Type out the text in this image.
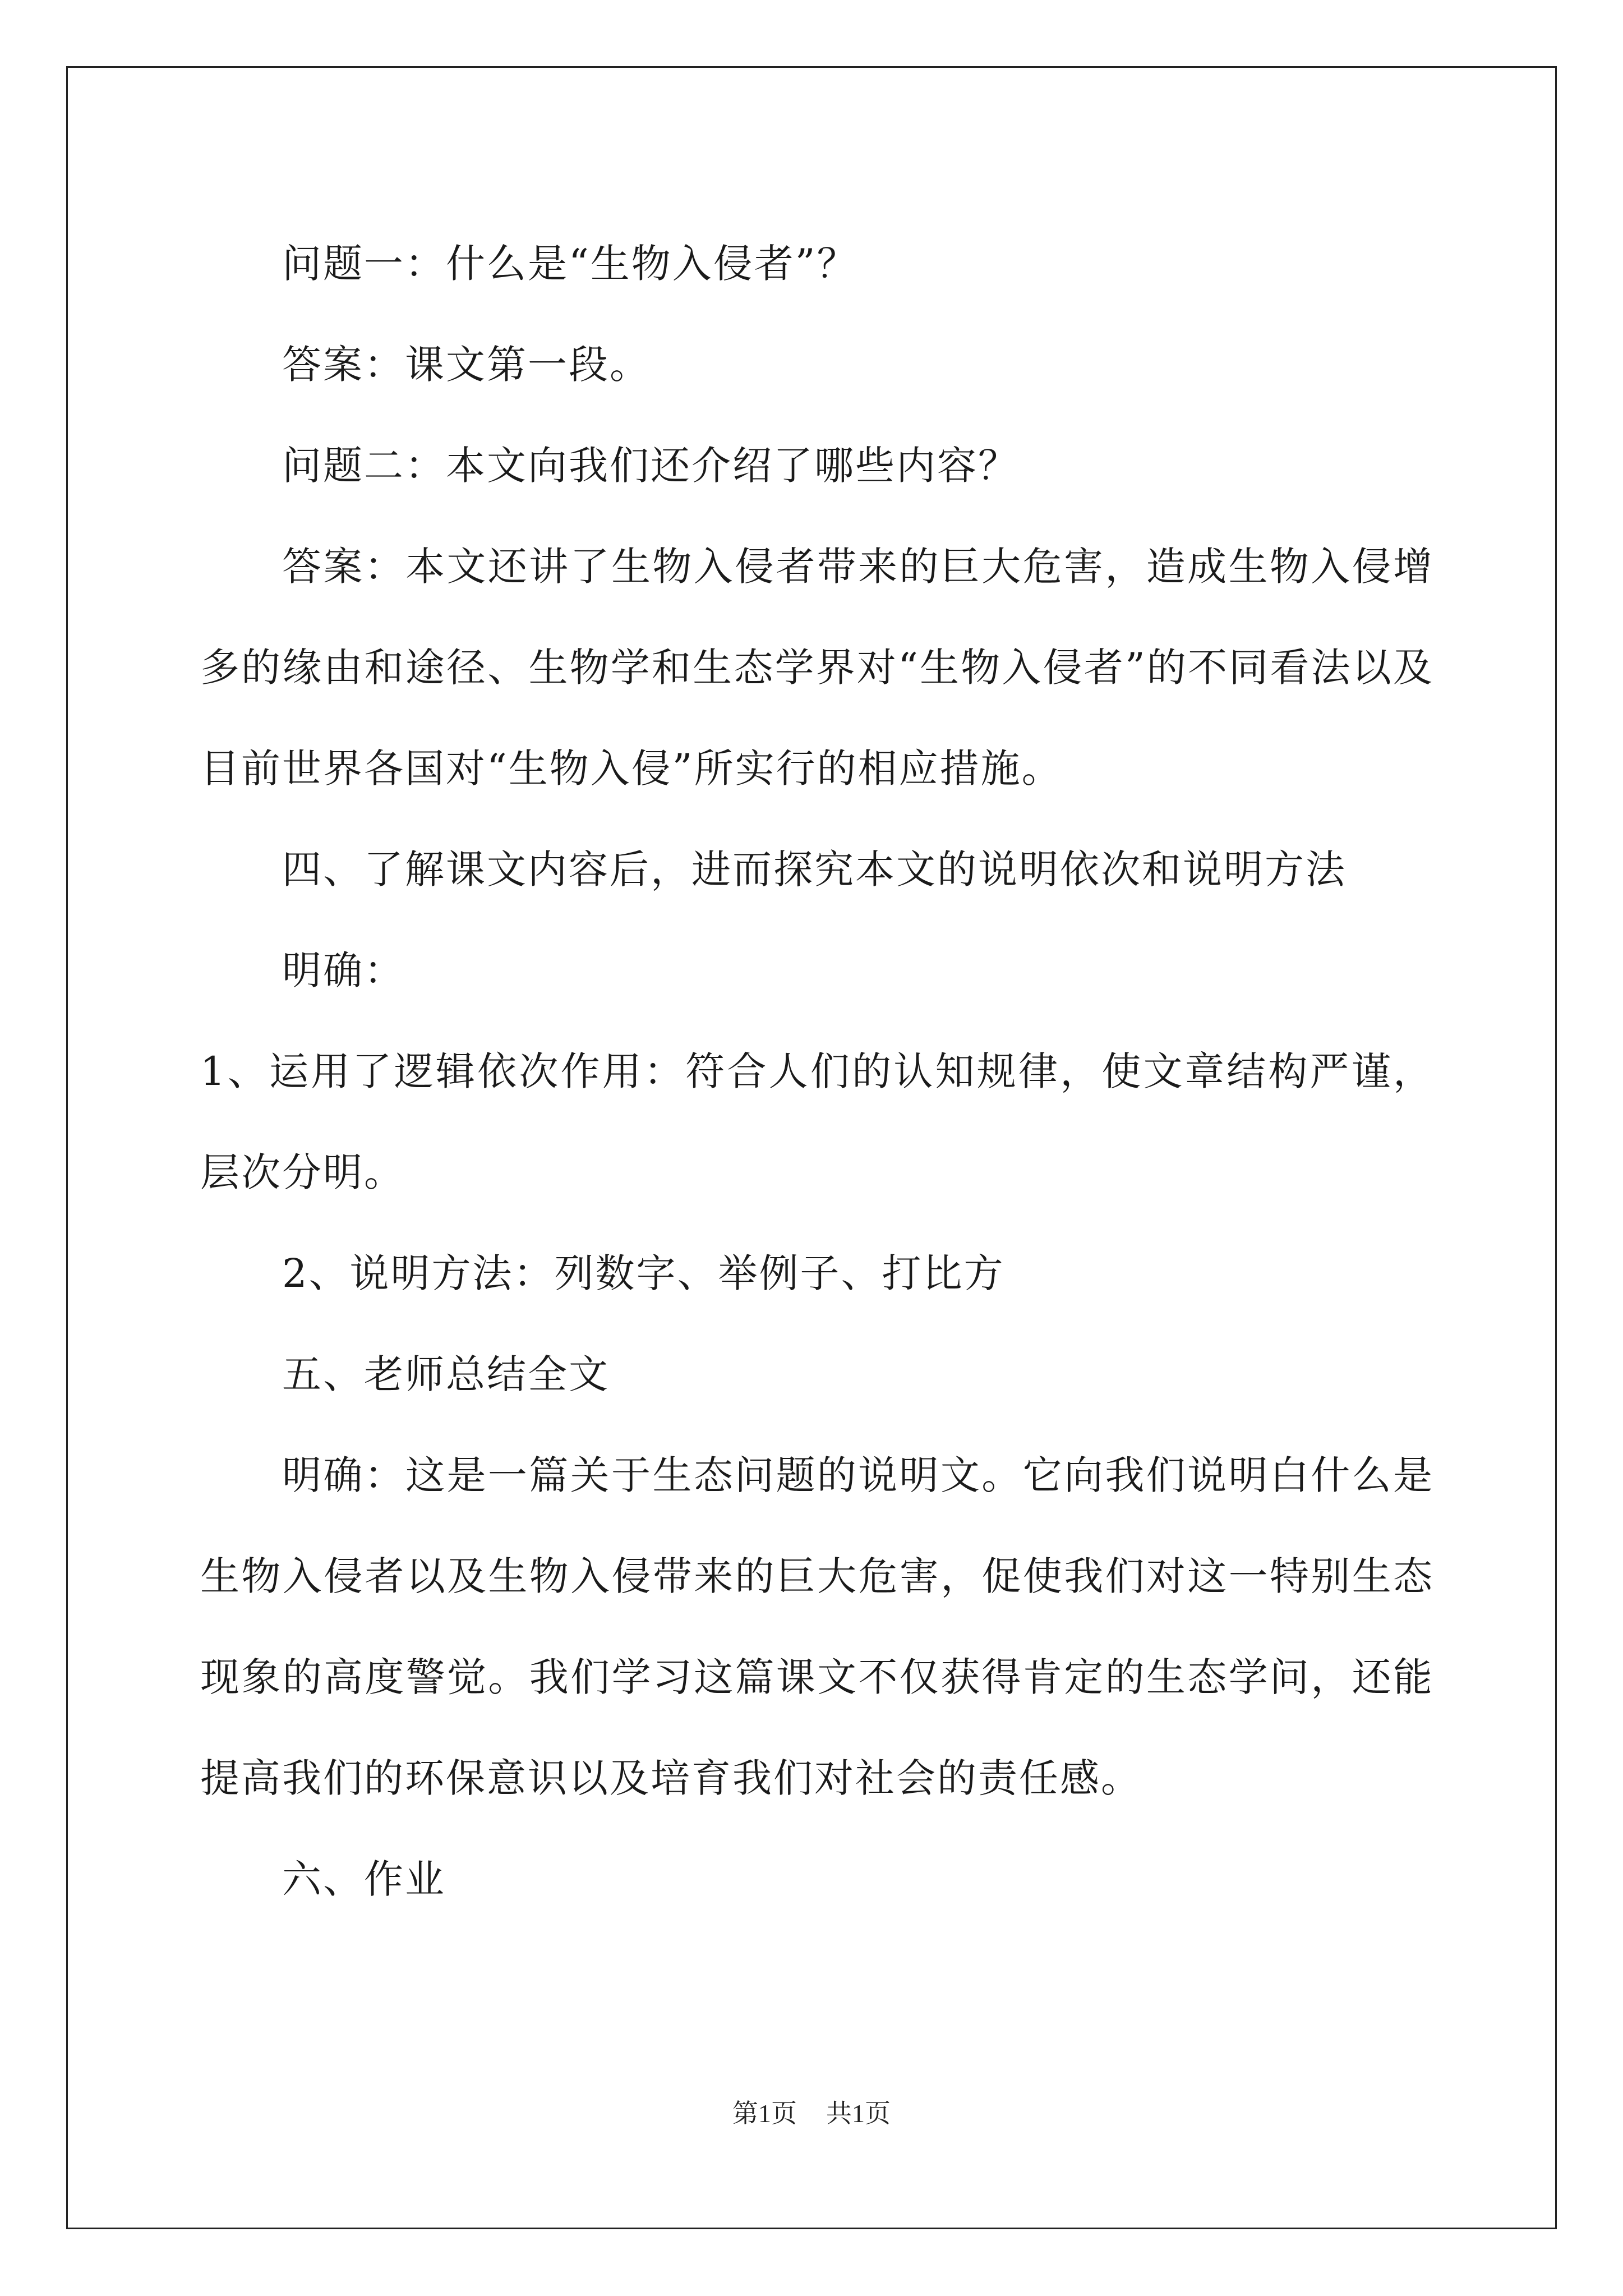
问题一：什么是“生物入侵者”？

答案：课文第一段。

问题二：本文向我们还介绍了哪些内容？

答案：本文还讲了生物入侵者带来的巨大危害，造成生物入侵增多的缘由和途径、生物学和生态学界对“生物入侵者”的不同看法以及目前世界各国对“生物入侵”所实行的相应措施。

四、了解课文内容后，进而探究本文的说明依次和说明方法

明确：

1、运用了逻辑依次作用：符合人们的认知规律，使文章结构严谨，层次分明。

2、说明方法：列数字、举例子、打比方

五、老师总结全文

明确：这是一篇关于生态问题的说明文。它向我们说明白什么是生物入侵者以及生物入侵带来的巨大危害，促使我们对这一特别生态现象的高度警觉。我们学习这篇课文不仅获得肯定的生态学问，还能提高我们的环保意识以及培育我们对社会的责任感。

六、作业

第1页 共1页
